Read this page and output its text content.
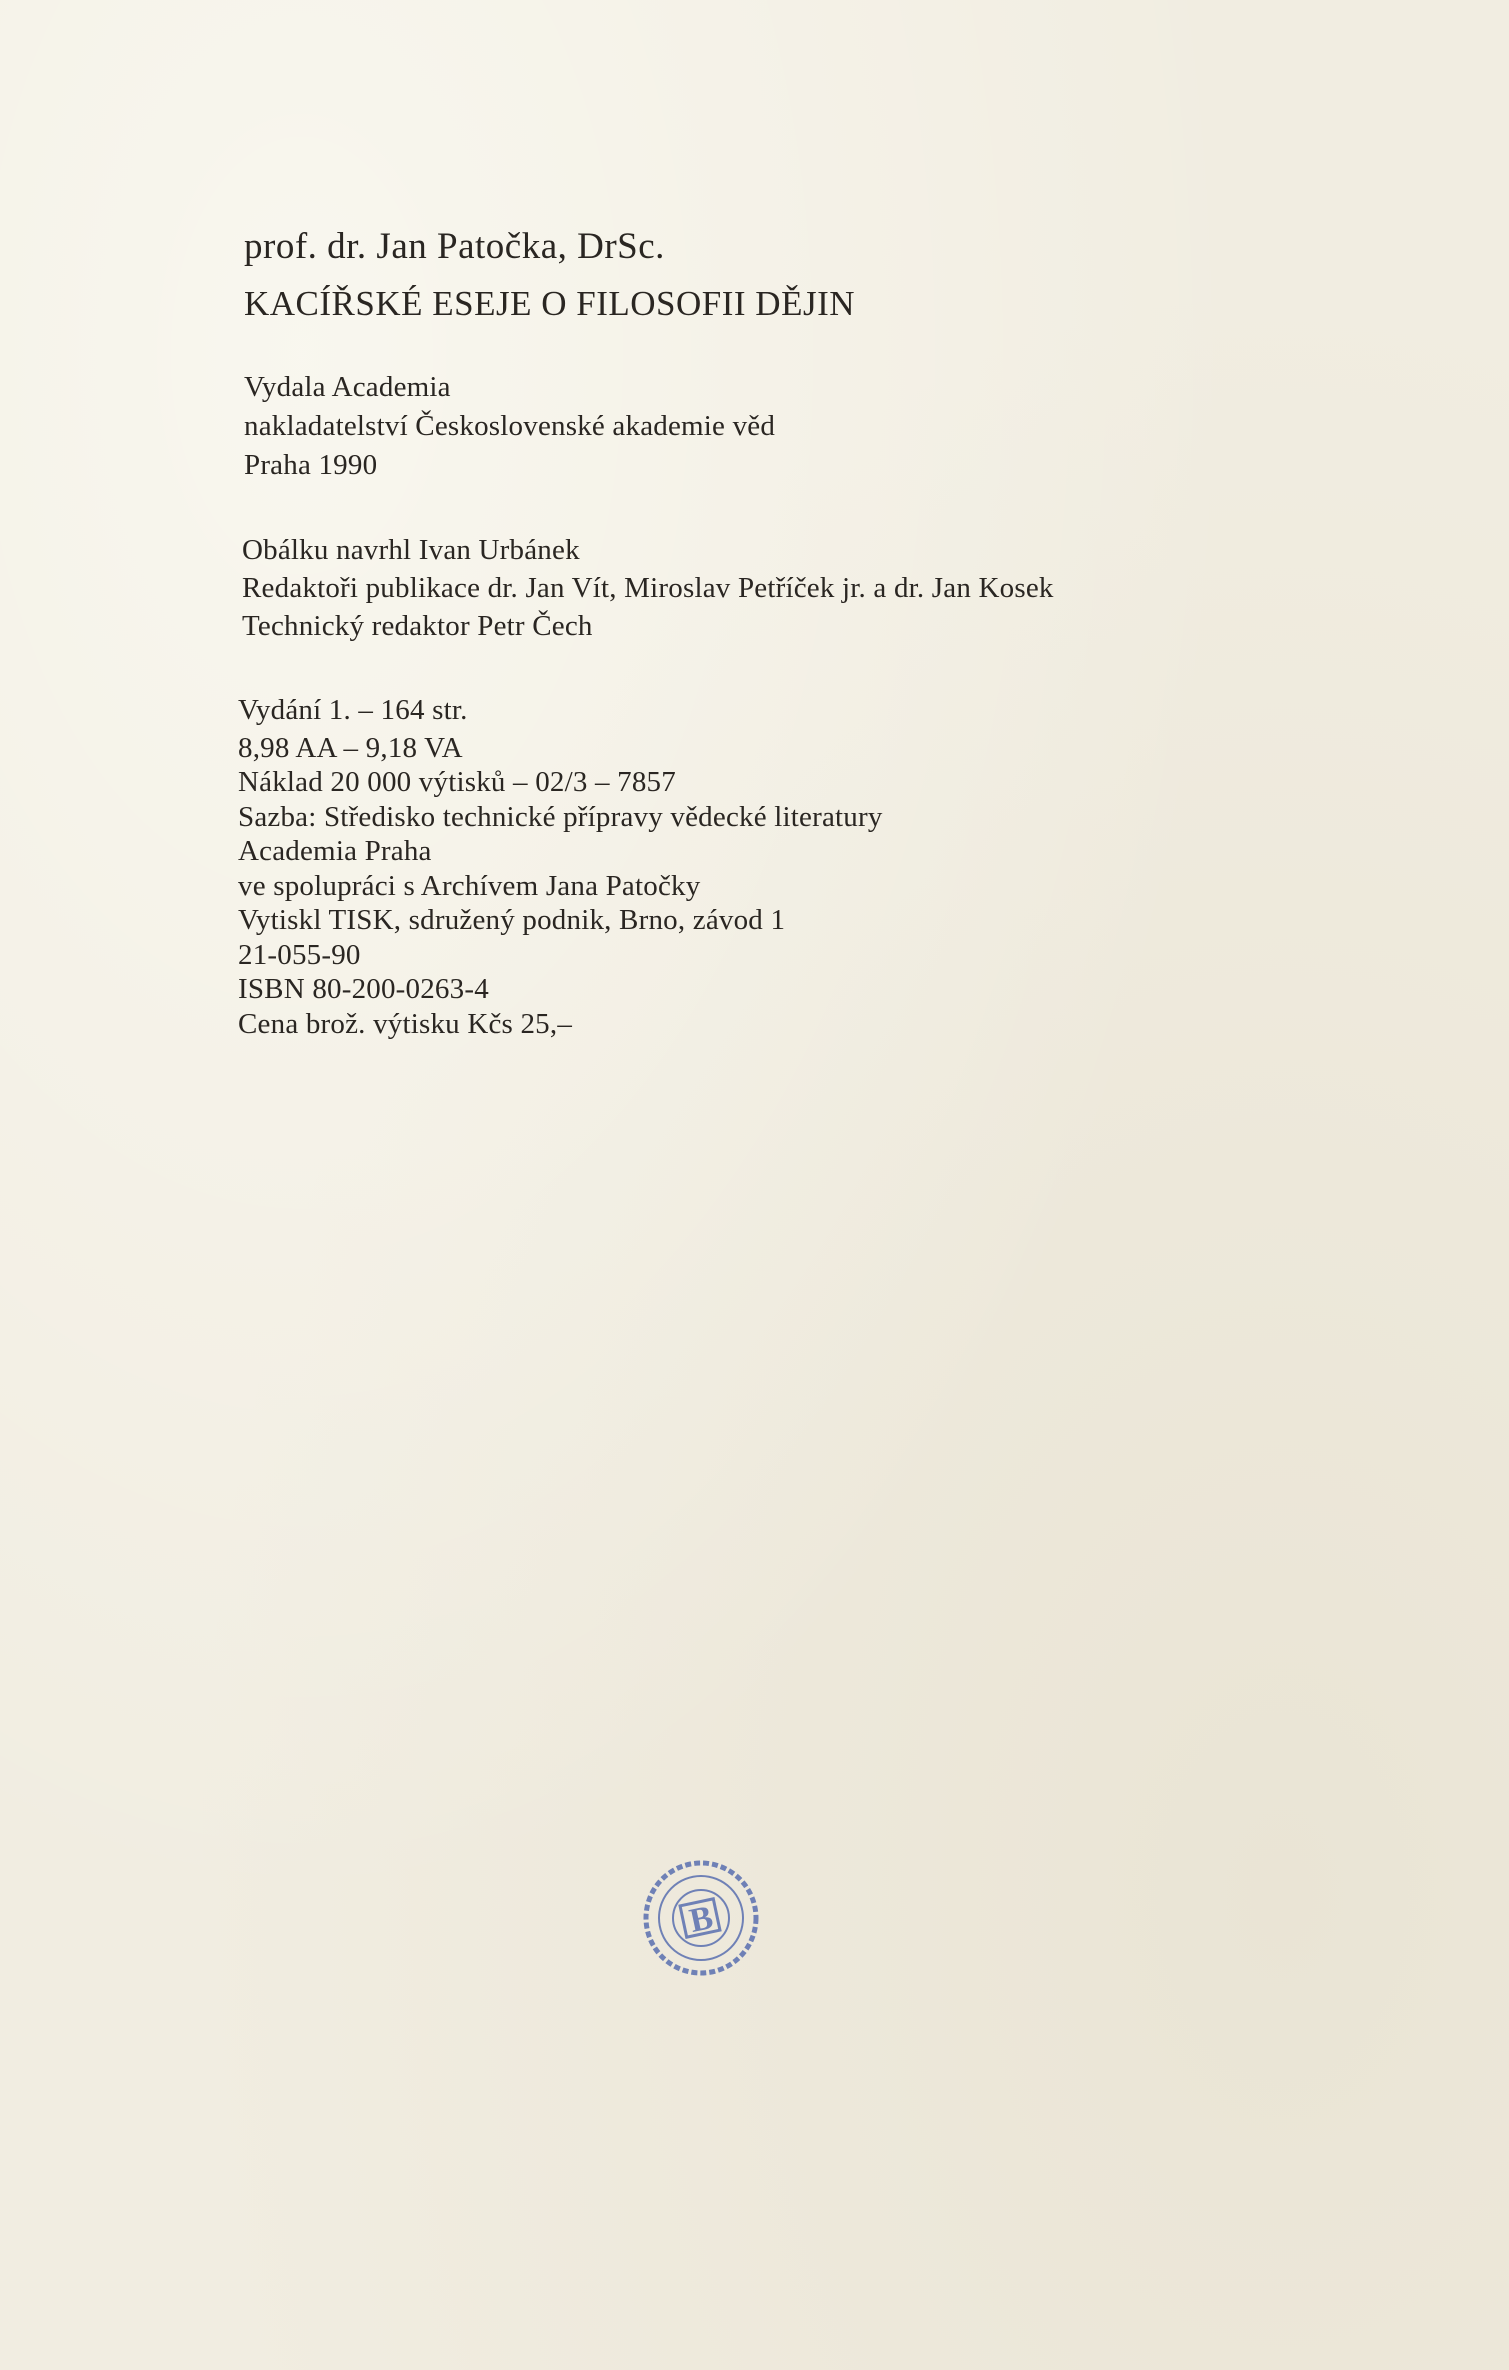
prof. dr. Jan Patočka, DrSc.
KACÍŘSKÉ ESEJE O FILOSOFII DĚJIN
Vydala Academia
nakladatelství Československé akademie věd
Praha 1990
Obálku navrhl Ivan Urbánek
Redaktoři publikace dr. Jan Vít, Miroslav Petříček jr. a dr. Jan Kosek
Technický redaktor Petr Čech
Vydání 1. – 164 str.
8,98 AA – 9,18 VA
Náklad 20 000 výtisků – 02/3 – 7857
Sazba: Středisko technické přípravy vědecké literatury
Academia Praha
ve spolupráci s Archívem Jana Patočky
Vytiskl TISK, sdružený podnik, Brno, závod 1
21-055-90
ISBN 80-200-0263-4
Cena brož. výtisku Kčs 25,–
B
